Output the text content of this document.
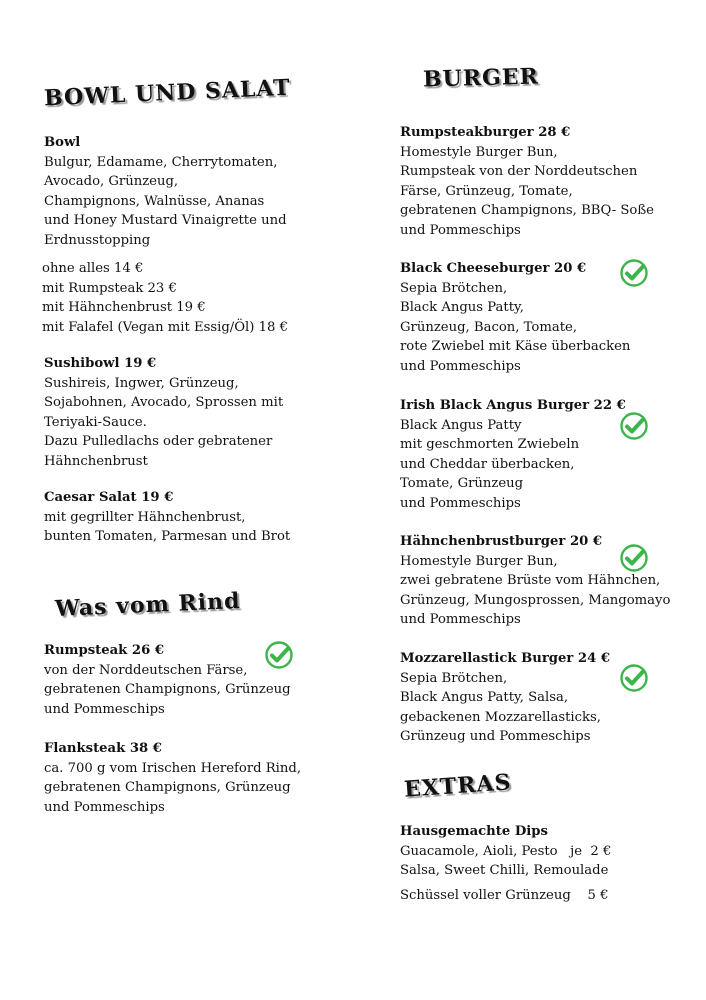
BOWL UND SALAT
Bowl
Bulgur, Edamame, Cherrytomaten,
Avocado, Grünzeug,
Champignons, Walnüsse, Ananas
und Honey Mustard Vinaigrette und
Erdnusstopping
ohne alles 14 €
mit Rumpsteak 23 €
mit Hähnchenbrust 19 €
mit Falafel (Vegan mit Essig/Öl) 18 €
Sushibowl 19 €
Sushireis, Ingwer, Grünzeug,
Sojabohnen, Avocado, Sprossen mit
Teriyaki-Sauce.
Dazu Pulledlachs oder gebratener
Hähnchenbrust
Caesar Salat 19 €
mit gegrillter Hähnchenbrust,
bunten Tomaten, Parmesan und Brot
Was vom Rind
Rumpsteak 26 €
von der Norddeutschen Färse,
gebratenen Champignons, Grünzeug
und Pommeschips
Flanksteak 38 €
ca. 700 g vom Irischen Hereford Rind,
gebratenen Champignons, Grünzeug
und Pommeschips
BURGER
Rumpsteakburger 28 €
Homestyle Burger Bun,
Rumpsteak von der Norddeutschen
Färse, Grünzeug, Tomate,
gebratenen Champignons, BBQ- Soße
und Pommeschips
Black Cheeseburger 20 €
Sepia Brötchen,
Black Angus Patty,
Grünzeug, Bacon, Tomate,
rote Zwiebel mit Käse überbacken
und Pommeschips
Irish Black Angus Burger 22 €
Black Angus Patty
mit geschmorten Zwiebeln
und Cheddar überbacken,
Tomate, Grünzeug
und Pommeschips
Hähnchenbrustburger 20 €
Homestyle Burger Bun,
zwei gebratene Brüste vom Hähnchen,
Grünzeug, Mungosprossen, Mangomayo
und Pommeschips
Mozzarellastick Burger 24 €
Sepia Brötchen,
Black Angus Patty, Salsa,
gebackenen Mozzarellasticks,
Grünzeug und Pommeschips
EXTRAS
Hausgemachte Dips
Guacamole, Aioli, Pesto   je  2 €
Salsa, Sweet Chilli, Remoulade
Schüssel voller Grünzeug    5 €
